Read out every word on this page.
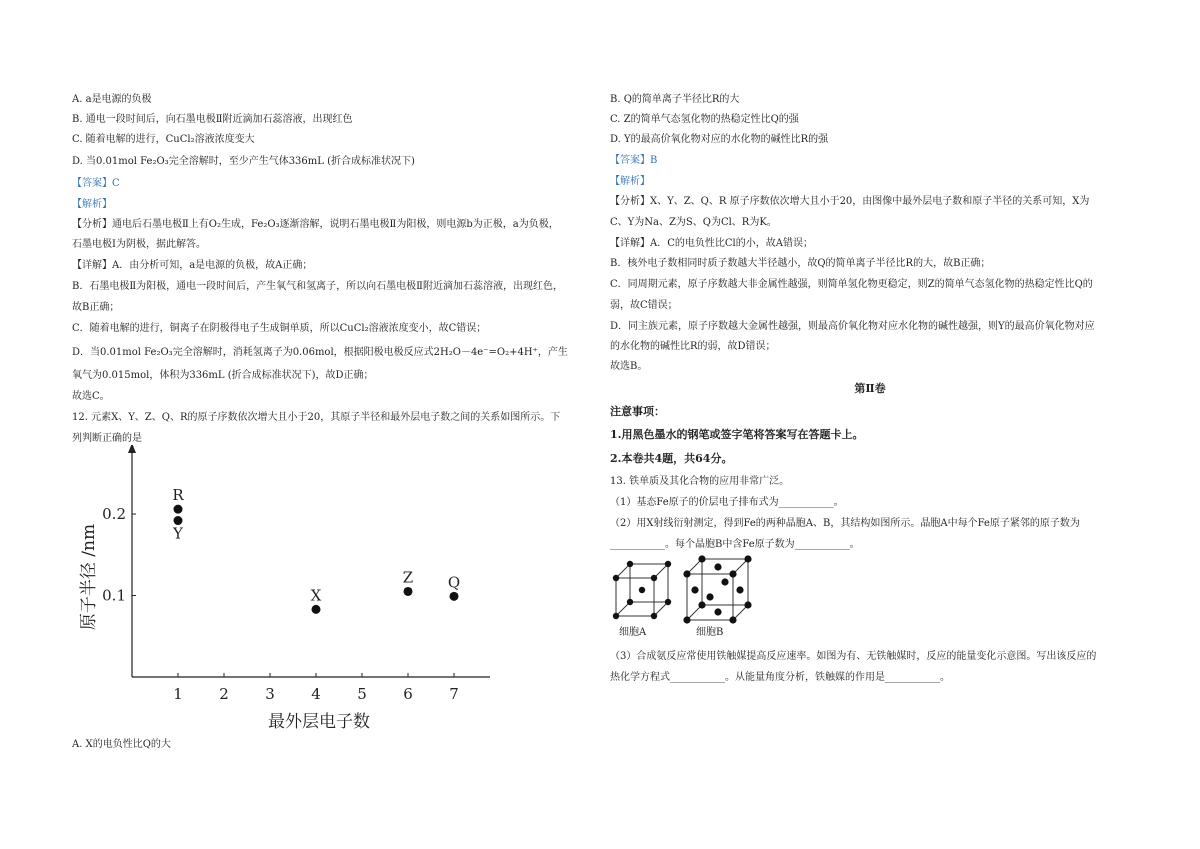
A. a是电源的负极
B. 通电一段时间后，向石墨电极Ⅱ附近滴加石蕊溶液，出现红色
C. 随着电解的进行，CuCl₂溶液浓度变大
D. 当0.01mol Fe₂O₃完全溶解时，至少产生气体336mL (折合成标准状况下)
【答案】C
【解析】
【分析】通电后石墨电极Ⅱ上有O₂生成，Fe₂O₃逐渐溶解，说明石墨电极Ⅱ为阳极，则电源b为正极，a为负极，
石墨电极Ⅰ为阴极，据此解答。
【详解】A．由分析可知，a是电源的负极，故A正确；
B．石墨电极Ⅱ为阳极，通电一段时间后，产生氧气和氢离子，所以向石墨电极Ⅱ附近滴加石蕊溶液，出现红色，
故B正确；
C．随着电解的进行，铜离子在阴极得电子生成铜单质，所以CuCl₂溶液浓度变小，故C错误；
D．当0.01mol Fe₂O₃完全溶解时，消耗氢离子为0.06mol，根据阳极电极反应式2H₂O－4e⁻=O₂+4H⁺，产生
氧气为0.015mol，体积为336mL (折合成标准状况下)，故D正确；
故选C。
12. 元素X、Y、Z、Q、R的原子序数依次增大且小于20，其原子半径和最外层电子数之间的关系如图所示。下
列判断正确的是
A. X的电负性比Q的大
1 2 3 4 5 6 7
0.1
0.2
最外层电子数
原子半径 /nm
R
Y
X
Z Q
B. Q的简单离子半径比R的大
C. Z的简单气态氢化物的热稳定性比Q的强
D. Y的最高价氧化物对应的水化物的碱性比R的强
【答案】B
【解析】
【分析】X、Y、Z、Q、R 原子序数依次增大且小于20，由图像中最外层电子数和原子半径的关系可知，X为
C、Y为Na、Z为S、Q为Cl、R为K。
【详解】A．C的电负性比Cl的小，故A错误；
B．核外电子数相同时质子数越大半径越小，故Q的简单离子半径比R的大，故B正确；
C．同周期元素，原子序数越大非金属性越强，则简单氢化物更稳定，则Z的简单气态氢化物的热稳定性比Q的
弱，故C错误；
D．同主族元素，原子序数越大金属性越强，则最高价氧化物对应水化物的碱性越强，则Y的最高价氧化物对应
的水化物的碱性比R的弱，故D错误；
故选B。
第Ⅱ卷
注意事项：
1.用黑色墨水的钢笔或签字笔将答案写在答题卡上。
2.本卷共4题，共64分。
13. 铁单质及其化合物的应用非常广泛。
（1）基态Fe原子的价层电子排布式为___________。
（2）用X射线衍射测定，得到Fe的两种晶胞A、B，其结构如图所示。晶胞A中每个Fe原子紧邻的原子数为
___________。每个晶胞B中含Fe原子数为___________。
细胞A	细胞B
（3）合成氨反应常使用铁触媒提高反应速率。如图为有、无铁触媒时，反应的能量变化示意图。写出该反应的
热化学方程式___________。从能量角度分析，铁触媒的作用是___________。
